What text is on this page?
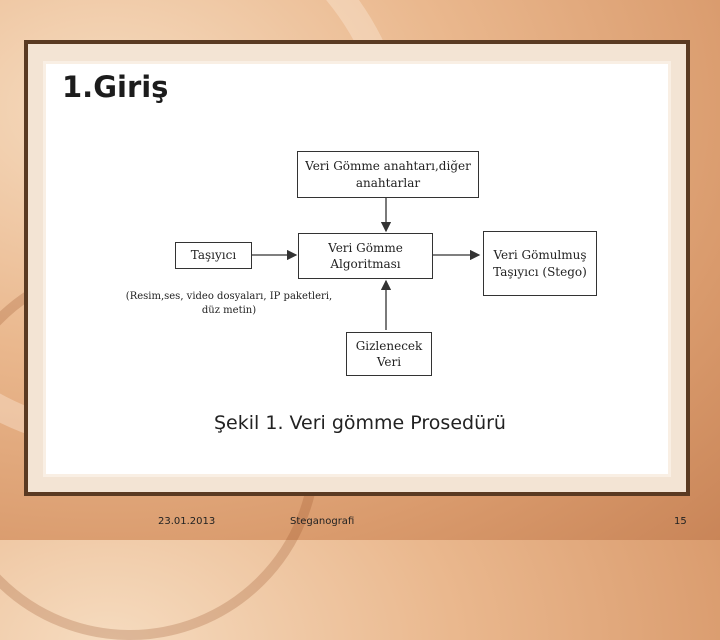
1.Giriş
Veri Gömme anahtarı,diğer
anahtarlar
Taşıyıcı
(Resim,ses, video dosyaları, IP paketleri,
düz metin)
Veri Gömme
Algoritması
Veri Gömulmuş
Taşıyıcı (Stego)
Gizlenecek
Veri
Şekil 1. Veri gömme Prosedürü
23.01.2013	Steganografi	15
